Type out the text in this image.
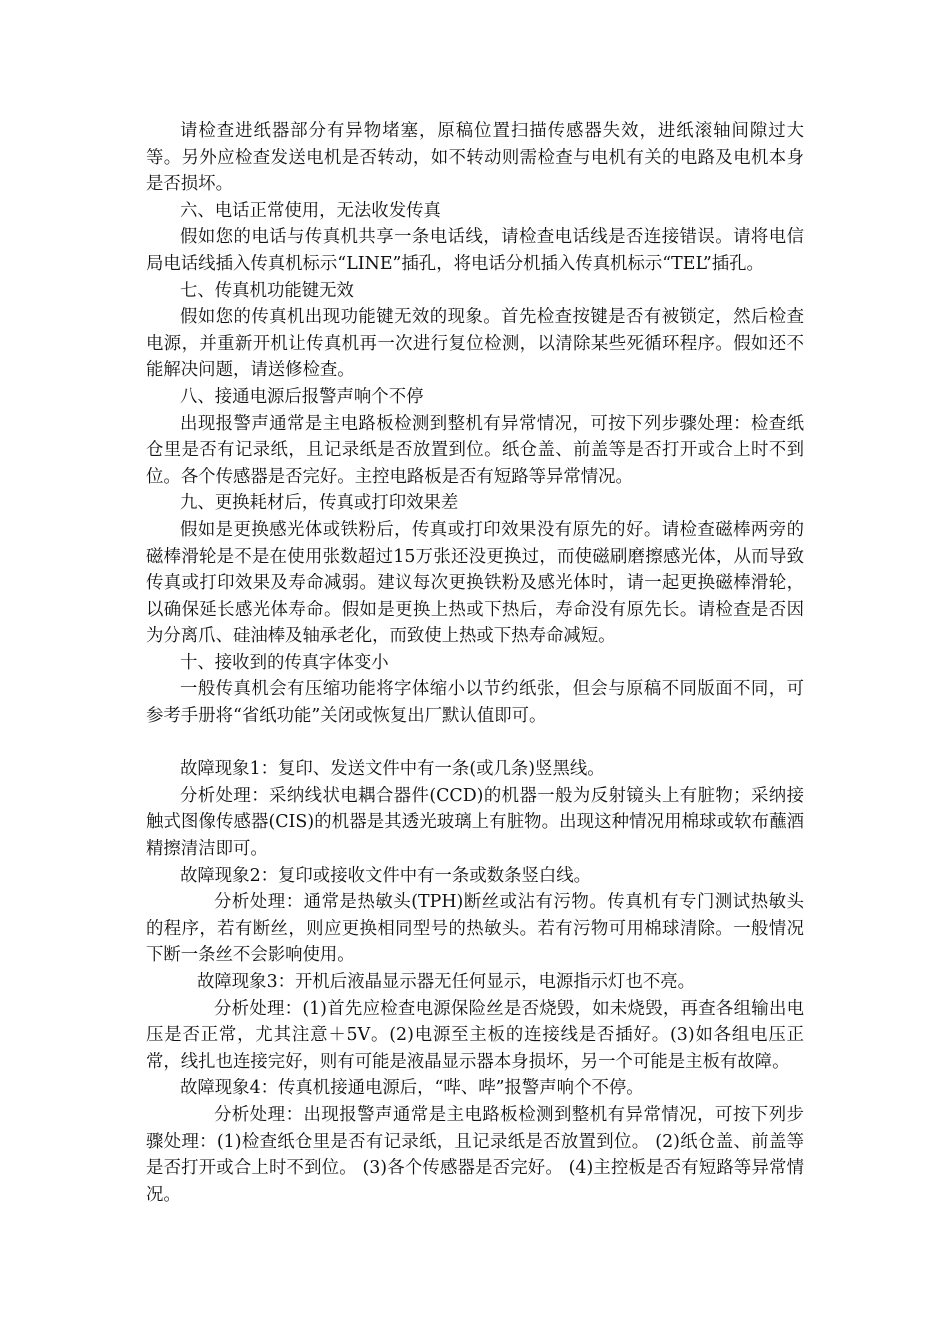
请检查进纸器部分有异物堵塞，原稿位置扫描传感器失效，进纸滚轴间隙过大等。另外应检查发送电机是否转动，如不转动则需检查与电机有关的电路及电机本身是否损坏。

六、电话正常使用，无法收发传真

假如您的电话与传真机共享一条电话线，请检查电话线是否连接错误。请将电信局电话线插入传真机标示“LINE”插孔，将电话分机插入传真机标示“TEL”插孔。

七、传真机功能键无效

假如您的传真机出现功能键无效的现象。首先检查按键是否有被锁定，然后检查电源，并重新开机让传真机再一次进行复位检测，以清除某些死循环程序。假如还不能解决问题，请送修检查。

八、接通电源后报警声响个不停

出现报警声通常是主电路板检测到整机有异常情况，可按下列步骤处理：检查纸仓里是否有记录纸，且记录纸是否放置到位。纸仓盖、前盖等是否打开或合上时不到位。各个传感器是否完好。主控电路板是否有短路等异常情况。

九、更换耗材后，传真或打印效果差

假如是更换感光体或铁粉后，传真或打印效果没有原先的好。请检查磁棒两旁的磁棒滑轮是不是在使用张数超过15万张还没更换过，而使磁刷磨擦感光体，从而导致传真或打印效果及寿命减弱。建议每次更换铁粉及感光体时，请一起更换磁棒滑轮，以确保延长感光体寿命。假如是更换上热或下热后，寿命没有原先长。请检查是否因为分离爪、硅油棒及轴承老化，而致使上热或下热寿命减短。

十、接收到的传真字体变小

一般传真机会有压缩功能将字体缩小以节约纸张，但会与原稿不同版面不同，可参考手册将“省纸功能”关闭或恢复出厂默认值即可。

故障现象1：复印、发送文件中有一条(或几条)竖黑线。

分析处理：采纳线状电耦合器件(CCD)的机器一般为反射镜头上有脏物；采纳接触式图像传感器(CIS)的机器是其透光玻璃上有脏物。出现这种情况用棉球或软布蘸酒精擦清洁即可。

故障现象2：复印或接收文件中有一条或数条竖白线。

分析处理：通常是热敏头(TPH)断丝或沾有污物。传真机有专门测试热敏头的程序，若有断丝，则应更换相同型号的热敏头。若有污物可用棉球清除。一般情况下断一条丝不会影响使用。

故障现象3：开机后液晶显示器无任何显示，电源指示灯也不亮。

分析处理：(1)首先应检查电源保险丝是否烧毁，如未烧毁，再查各组输出电压是否正常，尤其注意＋5V。(2)电源至主板的连接线是否插好。(3)如各组电压正常，线扎也连接完好，则有可能是液晶显示器本身损坏，另一个可能是主板有故障。

故障现象4：传真机接通电源后，“哔、哔”报警声响个不停。

分析处理：出现报警声通常是主电路板检测到整机有异常情况，可按下列步骤处理：(1)检查纸仓里是否有记录纸，且记录纸是否放置到位。 (2)纸仓盖、前盖等是否打开或合上时不到位。 (3)各个传感器是否完好。 (4)主控板是否有短路等异常情况。
